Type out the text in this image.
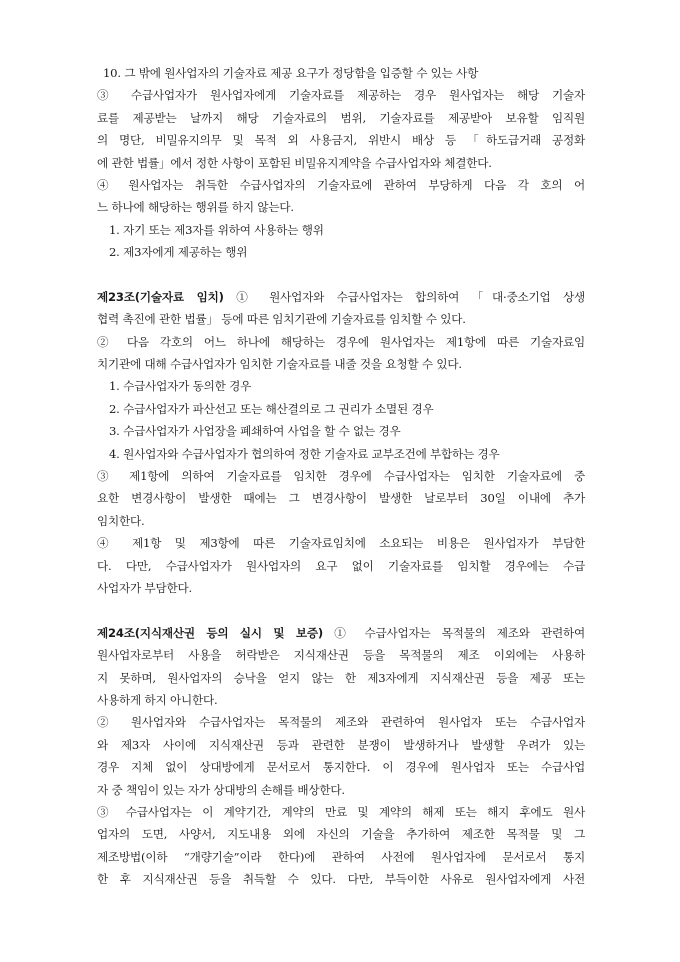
10. 그 밖에 원사업자의 기술자료 제공 요구가 정당함을 입증할 수 있는 사항
③ 수급사업자가 원사업자에게 기술자료를 제공하는 경우 원사업자는 해당 기술자
료를 제공받는 날까지 해당 기술자료의 범위, 기술자료를 제공받아 보유할 임직원
의 명단, 비밀유지의무 및 목적 외 사용금지, 위반시 배상 등 「하도급거래 공정화
에 관한 법률」에서 정한 사항이 포함된 비밀유지계약을 수급사업자와 체결한다.
④ 원사업자는 취득한 수급사업자의 기술자료에 관하여 부당하게 다음 각 호의 어
느 하나에 해당하는 행위를 하지 않는다.
1. 자기 또는 제3자를 위하여 사용하는 행위
2. 제3자에게 제공하는 행위
제23조(기술자료 임치) ① 원사업자와 수급사업자는 합의하여 「대·중소기업 상생
협력 촉진에 관한 법률」 등에 따른 임치기관에 기술자료를 임치할 수 있다.
② 다음 각호의 어느 하나에 해당하는 경우에 원사업자는 제1항에 따른 기술자료임
치기관에 대해 수급사업자가 임치한 기술자료를 내줄 것을 요청할 수 있다.
1. 수급사업자가 동의한 경우
2. 수급사업자가 파산선고 또는 해산결의로 그 권리가 소멸된 경우
3. 수급사업자가 사업장을 폐쇄하여 사업을 할 수 없는 경우
4. 원사업자와 수급사업자가 협의하여 정한 기술자료 교부조건에 부합하는 경우
③ 제1항에 의하여 기술자료를 임치한 경우에 수급사업자는 임치한 기술자료에 중
요한 변경사항이 발생한 때에는 그 변경사항이 발생한 날로부터 30일 이내에 추가
임치한다.
④ 제1항 및 제3항에 따른 기술자료임치에 소요되는 비용은 원사업자가 부담한
다. 다만, 수급사업자가 원사업자의 요구 없이 기술자료를 임치할 경우에는 수급
사업자가 부담한다.
제24조(지식재산권 등의 실시 및 보증) ① 수급사업자는 목적물의 제조와 관련하여
원사업자로부터 사용을 허락받은 지식재산권 등을 목적물의 제조 이외에는 사용하
지 못하며, 원사업자의 승낙을 얻지 않는 한 제3자에게 지식재산권 등을 제공 또는
사용하게 하지 아니한다.
② 원사업자와 수급사업자는 목적물의 제조와 관련하여 원사업자 또는 수급사업자
와 제3자 사이에 지식재산권 등과 관련한 분쟁이 발생하거나 발생할 우려가 있는
경우 지체 없이 상대방에게 문서로서 통지한다. 이 경우에 원사업자 또는 수급사업
자 중 책임이 있는 자가 상대방의 손해를 배상한다.
③ 수급사업자는 이 계약기간, 계약의 만료 및 계약의 해제 또는 해지 후에도 원사
업자의 도면, 사양서, 지도내용 외에 자신의 기술을 추가하여 제조한 목적물 및 그
제조방법(이하 “개량기술”이라 한다)에 관하여 사전에 원사업자에 문서로서 통지
한 후 지식재산권 등을 취득할 수 있다. 다만, 부득이한 사유로 원사업자에게 사전
